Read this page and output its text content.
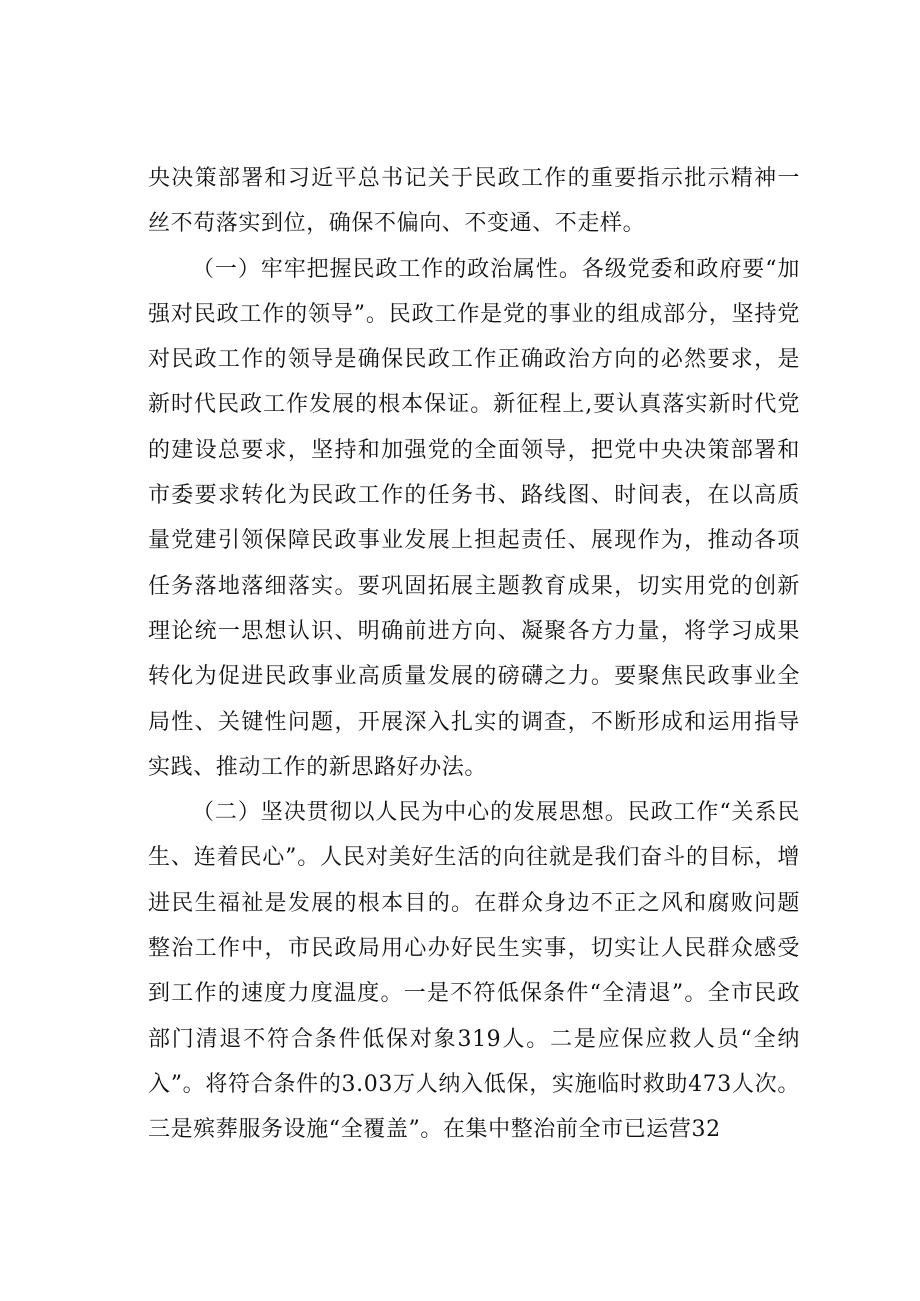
央决策部署和习近平总书记关于民政工作的重要指示批示精神一丝不苟落实到位，确保不偏向、不变通、不走样。

（一）牢牢把握民政工作的政治属性。各级党委和政府要“加强对民政工作的领导”。民政工作是党的事业的组成部分，坚持党对民政工作的领导是确保民政工作正确政治方向的必然要求，是新时代民政工作发展的根本保证。新征程上,要认真落实新时代党的建设总要求，坚持和加强党的全面领导，把党中央决策部署和市委要求转化为民政工作的任务书、路线图、时间表，在以高质量党建引领保障民政事业发展上担起责任、展现作为，推动各项任务落地落细落实。要巩固拓展主题教育成果，切实用党的创新理论统一思想认识、明确前进方向、凝聚各方力量，将学习成果转化为促进民政事业高质量发展的磅礴之力。要聚焦民政事业全局性、关键性问题，开展深入扎实的调查，不断形成和运用指导实践、推动工作的新思路好办法。

（二）坚决贯彻以人民为中心的发展思想。民政工作“关系民生、连着民心”。人民对美好生活的向往就是我们奋斗的目标，增进民生福祉是发展的根本目的。在群众身边不正之风和腐败问题整治工作中，市民政局用心办好民生实事，切实让人民群众感受到工作的速度力度温度。一是不符低保条件“全清退”。全市民政部门清退不符合条件低保对象319人。二是应保应救人员“全纳入”。将符合条件的3.03万人纳入低保，实施临时救助473人次。三是殡葬服务设施“全覆盖”。在集中整治前全市已运营32
